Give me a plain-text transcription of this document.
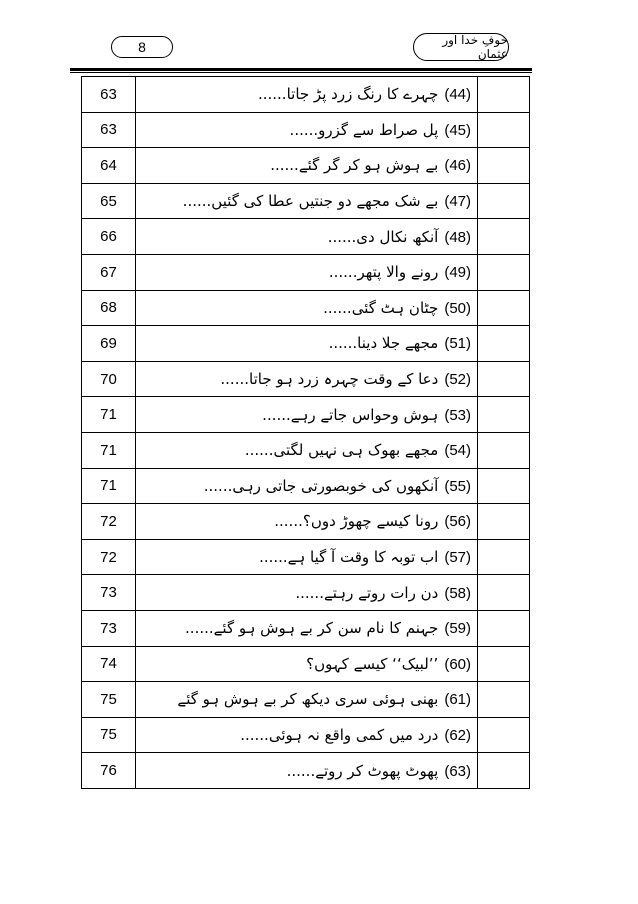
8	خوفِ خدا اور عثمان
63	(44)چہرے کا رنگ زرد پڑ جاتا......	
63	(45)پل صراط سے گزرو......	
64	(46)بے ہوش ہو کر گر گئے......	
65	(47)بے شک مجھے دو جنتیں عطا کی گئیں......	
66	(48)آنکھ نکال دی......	
67	(49)رونے والا پتھر......	
68	(50)چٹان ہٹ گئی......	
69	(51)مجھے جلا دینا......	
70	(52)دعا کے وقت چہرہ زرد ہو جاتا......	
71	(53)ہوش وحواس جاتے رہے......	
71	(54)مجھے بھوک ہی نہیں لگتی......	
71	(55)آنکھوں کی خوبصورتی جاتی رہی......	
72	(56)رونا کیسے چھوڑ دوں؟......	
72	(57)اب توبہ کا وقت آ گیا ہے......	
73	(58)دن رات روتے رہتے......	
73	(59)جہنم کا نام سن کر بے ہوش ہو گئے......	
74	(60)’’لبیک‘‘ کیسے کہوں؟	
75	(61)بھنی ہوئی سری دیکھ کر بے ہوش ہو گئے	
75	(62)درد میں کمی واقع نہ ہوئی......	
76	(63)پھوٹ پھوٹ کر روتے......	
